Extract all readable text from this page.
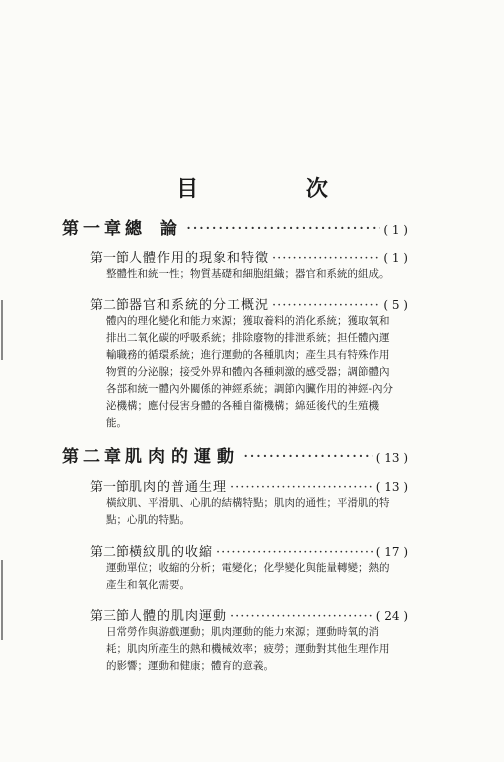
目 次
第一章 總 論 ·····	( 1 )
第一節 人體作用的現象和特徵 ·····	( 1 )
整體性和統一性；物質基礎和細胞組織；器官和系統的組成。
第二節 器官和系統的分工概況 ·····	( 5 )
體內的理化變化和能力來源；獲取養料的消化系統；獲取氧和排出二氧化碳的呼吸系統；排除廢物的排泄系統；担任體內運輸職務的循環系統；進行運動的各種肌肉；產生具有特殊作用物質的分泌腺；接受外界和體內各種刺激的感受器；調節體內各部和統一體內外關係的神經系統；調節內臟作用的神經-內分泌機構；應付侵害身體的各種自衞機構；綿延後代的生殖機能。
第二章 肌肉的運動 ·····	( 13 )
第一節 肌肉的普通生理 ·····	( 13 )
橫紋肌、平滑肌、心肌的結構特點；肌肉的通性；平滑肌的特點；心肌的特點。
第二節 橫紋肌的收縮 ·····	( 17 )
運動單位；收縮的分析；電變化；化學變化與能量轉變；熱的產生和氧化需要。
第三節 人體的肌肉運動 ·····	( 24 )
日常勞作與游戲運動；肌肉運動的能力來源；運動時氧的消耗；肌肉所產生的熱和機械效率；疲勞；運動對其他生理作用的影響；運動和健康；體育的意義。
